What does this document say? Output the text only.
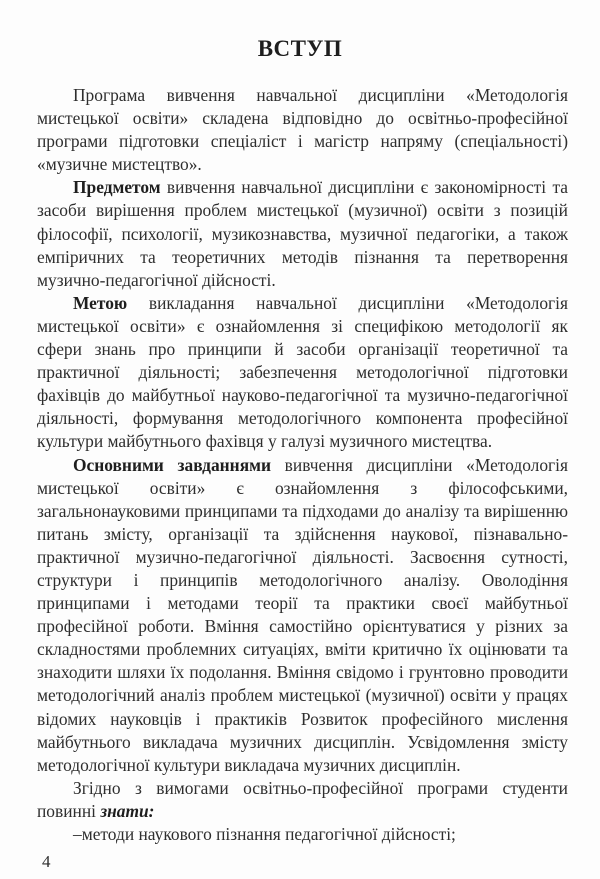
ВСТУП

Програма вивчення навчальної дисципліни «Методологія мистецької освіти» складена відповідно до освітньо-професійної програми підготовки спеціаліст і магістр напряму (спеціальності) «музичне мистецтво».

Предметом вивчення навчальної дисципліни є закономірності та засоби вирішення проблем мистецької (музичної) освіти з позицій філософії, психології, музикознавства, музичної педагогіки, а також емпіричних та теоретичних методів пізнання та перетворення музично-педагогічної дійсності.

Метою викладання навчальної дисципліни «Методологія мистецької освіти» є ознайомлення зі специфікою методології як сфери знань про принципи й засоби організації теоретичної та практичної діяльності; забезпечення методологічної підготовки фахівців до майбутньої науково-педагогічної та музично-педагогічної діяльності, формування методологічного компонента професійної культури майбутнього фахівця у галузі музичного мистецтва.

Основними завданнями вивчення дисципліни «Методологія мистецької освіти» є ознайомлення з філософськими, загальнонауковими принципами та підходами до аналізу та вирішенню питань змісту, організації та здійснення наукової, пізнавально-практичної музично-педагогічної діяльності. Засвоєння сутності, структури і принципів методологічного аналізу. Оволодіння принципами і методами теорії та практики своєї майбутньої професійної роботи. Вміння самостійно орієнтуватися у різних за складностями проблемних ситуаціях, вміти критично їх оцінювати та знаходити шляхи їх подолання. Вміння свідомо і грунтовно проводити методологічний аналіз проблем мистецької (музичної) освіти у працях відомих науковців і практиків Розвиток професійного мислення майбутнього викладача музичних дисциплін. Усвідомлення змісту методологічної культури викладача музичних дисциплін.

Згідно з вимогами освітньо-професійної програми студенти повинні знати:

–методи наукового пізнання педагогічної дійсності;

4
